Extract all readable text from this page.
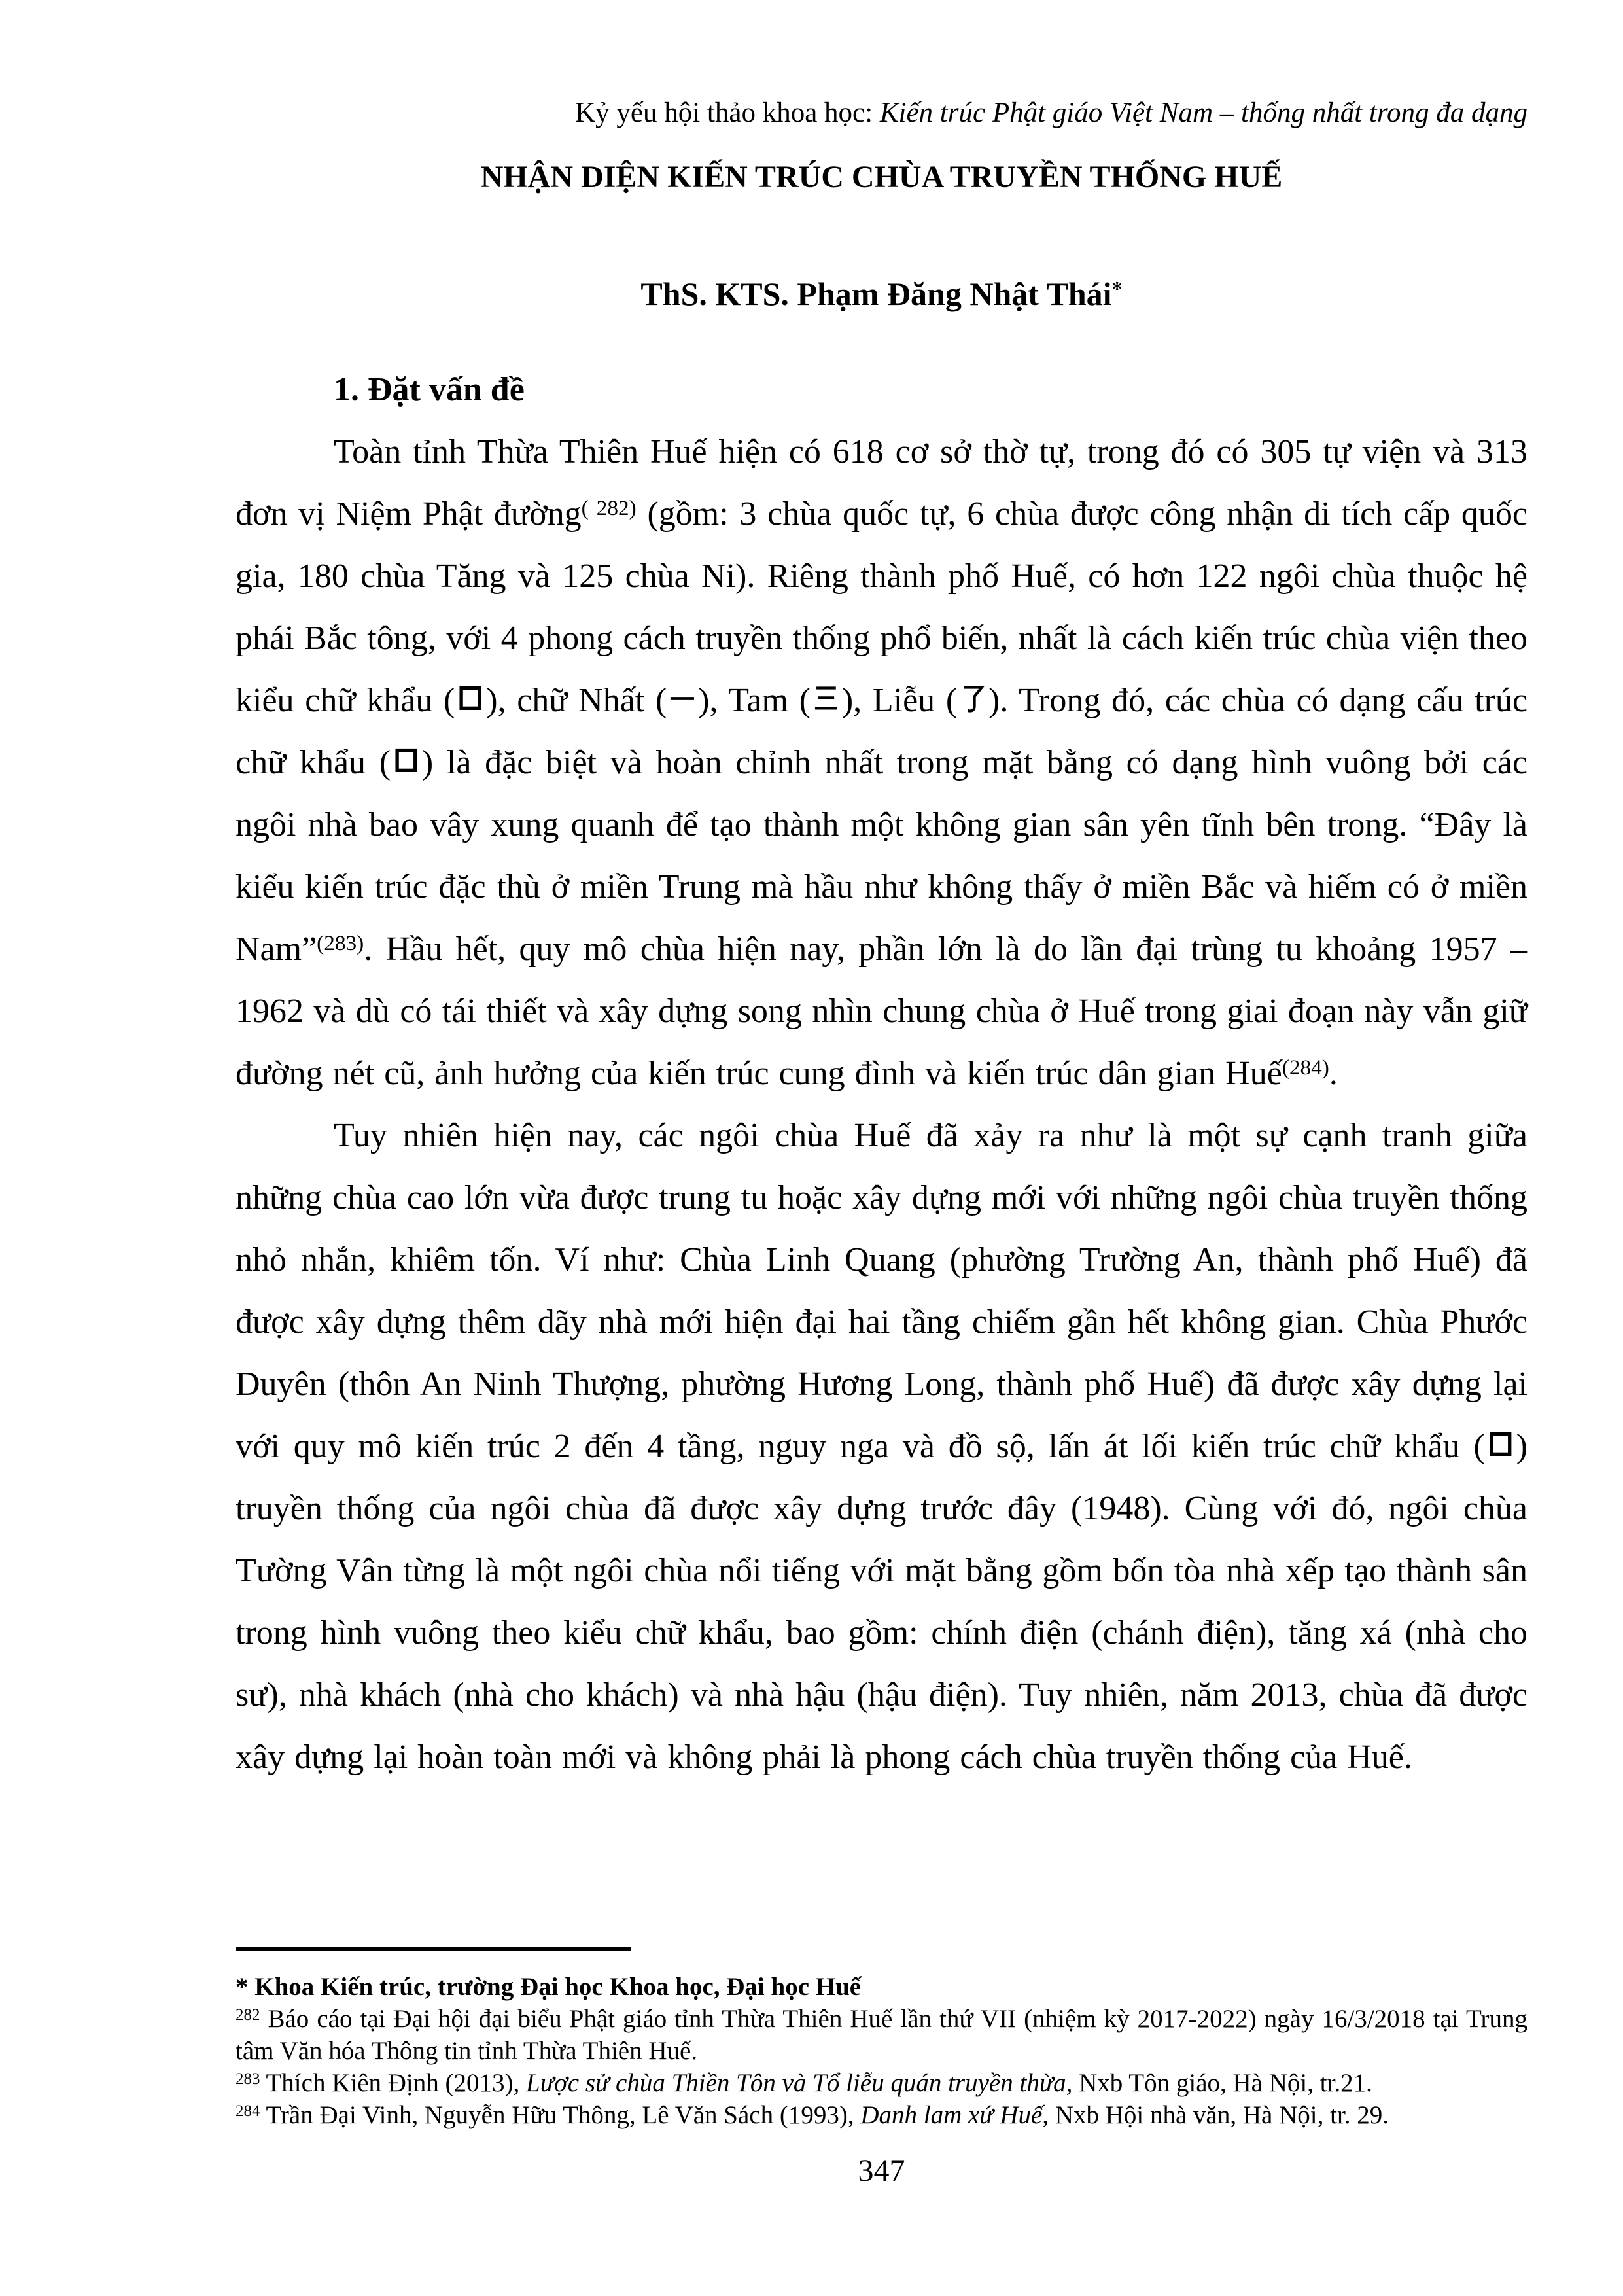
Kỷ yếu hội thảo khoa học: Kiến trúc Phật giáo Việt Nam – thống nhất trong đa dạng
NHẬN DIỆN KIẾN TRÚC CHÙA TRUYỀN THỐNG HUẾ
ThS. KTS. Phạm Đăng Nhật Thái*
1. Đặt vấn đề

Toàn tỉnh Thừa Thiên Huế hiện có 618 cơ sở thờ tự, trong đó có 305 tự viện và 313 đơn vị Niệm Phật đường$^{( 282)}$ (gồm: 3 chùa quốc tự, 6 chùa được công nhận di tích cấp quốc gia, 180 chùa Tăng và 125 chùa Ni). Riêng thành phố Huế, có hơn 122 ngôi chùa thuộc hệ phái Bắc tông, với 4 phong cách truyền thống phổ biến, nhất là cách kiến trúc chùa viện theo kiểu chữ khẩu ( ), chữ Nhất ( ), Tam ( ), Liễu ( ). Trong đó, các chùa có dạng cấu trúc chữ khẩu ( ) là đặc biệt và hoàn chỉnh nhất trong mặt bằng có dạng hình vuông bởi các ngôi nhà bao vây xung quanh để tạo thành một không gian sân yên tĩnh bên trong. “Đây là kiểu kiến trúc đặc thù ở miền Trung mà hầu như không thấy ở miền Bắc và hiếm có ở miền Nam”$^{(283)}$. Hầu hết, quy mô chùa hiện nay, phần lớn là do lần đại trùng tu khoảng 1957 – 1962 và dù có tái thiết và xây dựng song nhìn chung chùa ở Huế trong giai đoạn này vẫn giữ đường nét cũ, ảnh hưởng của kiến trúc cung đình và kiến trúc dân gian Huế$^{(284)}$.

Tuy nhiên hiện nay, các ngôi chùa Huế đã xảy ra như là một sự cạnh tranh giữa những chùa cao lớn vừa được trung tu hoặc xây dựng mới với những ngôi chùa truyền thống nhỏ nhắn, khiêm tốn. Ví như: Chùa Linh Quang (phường Trường An, thành phố Huế) đã được xây dựng thêm dãy nhà mới hiện đại hai tầng chiếm gần hết không gian. Chùa Phước Duyên (thôn An Ninh Thượng, phường Hương Long, thành phố Huế) đã được xây dựng lại với quy mô kiến trúc 2 đến 4 tầng, nguy nga và đồ sộ, lấn át lối kiến trúc chữ khẩu ( ) truyền thống của ngôi chùa đã được xây dựng trước đây (1948). Cùng với đó, ngôi chùa Tường Vân từng là một ngôi chùa nổi tiếng với mặt bằng gồm bốn tòa nhà xếp tạo thành sân trong hình vuông theo kiểu chữ khẩu, bao gồm: chính điện (chánh điện), tăng xá (nhà cho sư), nhà khách (nhà cho khách) và nhà hậu (hậu điện). Tuy nhiên, năm 2013, chùa đã được xây dựng lại hoàn toàn mới và không phải là phong cách chùa truyền thống của Huế.

* Khoa Kiến trúc, trường Đại học Khoa học, Đại học Huế

$^{282}$ Báo cáo tại Đại hội đại biểu Phật giáo tỉnh Thừa Thiên Huế lần thứ VII (nhiệm kỳ 2017-2022) ngày 16/3/2018 tại Trung tâm Văn hóa Thông tin tỉnh Thừa Thiên Huế.

$^{283}$ Thích Kiên Định (2013), Lược sử chùa Thiền Tôn và Tổ liễu quán truyền thừa, Nxb Tôn giáo, Hà Nội, tr.21.

$^{284}$ Trần Đại Vinh, Nguyễn Hữu Thông, Lê Văn Sách (1993), Danh lam xứ Huế, Nxb Hội nhà văn, Hà Nội, tr. 29.

347
